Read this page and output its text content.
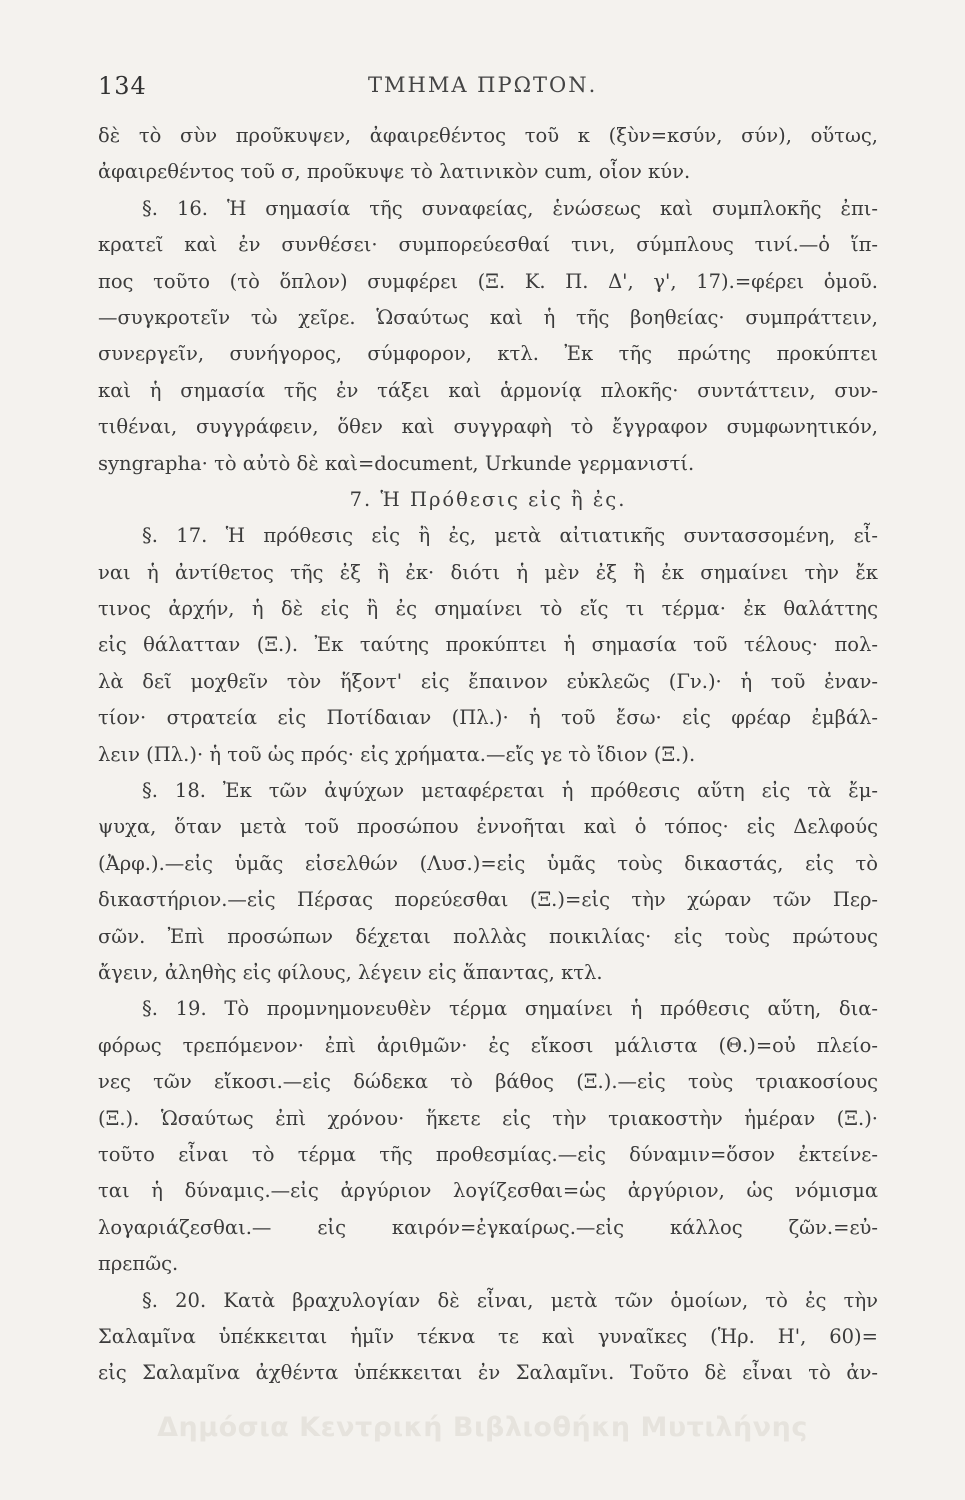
134	ΤΜΗΜΑ ΠΡΩΤΟΝ.
δὲ τὸ σὺν προῦκυψεν, ἀφαιρεθέντος τοῦ κ (ξὺν=κσύν, σύν), οὕτως,
ἀφαιρεθέντος τοῦ σ, προῦκυψε τὸ λατινικὸν cum, οἷον κύν.
§. 16. Ἡ σημασία τῆς συναφείας, ἑνώσεως καὶ συμπλοκῆς ἐπι-
κρατεῖ καὶ ἐν συνθέσει· συμπορεύεσθαί τινι, σύμπλους τινί.—ὁ ἵπ-
πος τοῦτο (τὸ ὅπλον) συμφέρει (Ξ. Κ. Π. Δ', γ', 17).=φέρει ὁμοῦ.
—συγκροτεῖν τὼ χεῖρε. Ὡσαύτως καὶ ἡ τῆς βοηθείας· συμπράττειν,
συνεργεῖν, συνήγορος, σύμφορον, κτλ. Ἐκ τῆς πρώτης προκύπτει
καὶ ἡ σημασία τῆς ἐν τάξει καὶ ἁρμονίᾳ πλοκῆς· συντάττειν, συν-
τιθέναι, συγγράφειν, ὅθεν καὶ συγγραφὴ τὸ ἔγγραφον συμφωνητικόν,
syngrapha· τὸ αὐτὸ δὲ καὶ=document, Urkunde γερμανιστί.
7. Ἡ Πρόθεσις εἰς ἢ ἐς.
§. 17. Ἡ πρόθεσις εἰς ἢ ἐς, μετὰ αἰτιατικῆς συντασσομένη, εἶ-
ναι ἡ ἀντίθετος τῆς ἐξ ἢ ἐκ· διότι ἡ μὲν ἐξ ἢ ἐκ σημαίνει τὴν ἔκ
τινος ἀρχήν, ἡ δὲ εἰς ἢ ἐς σημαίνει τὸ εἴς τι τέρμα· ἐκ θαλάττης
εἰς θάλατταν (Ξ.). Ἐκ ταύτης προκύπτει ἡ σημασία τοῦ τέλους· πολ-
λὰ δεῖ μοχθεῖν τὸν ἥξοντ' εἰς ἔπαινον εὐκλεῶς (Γν.)· ἡ τοῦ ἐναν-
τίον· στρατεία εἰς Ποτίδαιαν (Πλ.)· ἡ τοῦ ἔσω· εἰς φρέαρ ἐμβάλ-
λειν (Πλ.)· ἡ τοῦ ὡς πρός· εἰς χρήματα.—εἴς γε τὸ ἴδιον (Ξ.).
§. 18. Ἐκ τῶν ἀψύχων μεταφέρεται ἡ πρόθεσις αὕτη εἰς τὰ ἔμ-
ψυχα, ὅταν μετὰ τοῦ προσώπου ἐννοῆται καὶ ὁ τόπος· εἰς Δελφούς
(Ἀρφ.).—εἰς ὑμᾶς εἰσελθών (Λυσ.)=εἰς ὑμᾶς τοὺς δικαστάς, εἰς τὸ
δικαστήριον.—εἰς Πέρσας πορεύεσθαι (Ξ.)=εἰς τὴν χώραν τῶν Περ-
σῶν. Ἐπὶ προσώπων δέχεται πολλὰς ποικιλίας· εἰς τοὺς πρώτους
ἄγειν, ἀληθὴς εἰς φίλους, λέγειν εἰς ἅπαντας, κτλ.
§. 19. Τὸ προμνημονευθὲν τέρμα σημαίνει ἡ πρόθεσις αὕτη, δια-
φόρως τρεπόμενον· ἐπὶ ἀριθμῶν· ἐς εἴκοσι μάλιστα (Θ.)=οὐ πλείο-
νες τῶν εἴκοσι.—εἰς δώδεκα τὸ βάθος (Ξ.).—εἰς τοὺς τριακοσίους
(Ξ.). Ὡσαύτως ἐπὶ χρόνου· ἥκετε εἰς τὴν τριακοστὴν ἡμέραν (Ξ.)·
τοῦτο εἶναι τὸ τέρμα τῆς προθεσμίας.—εἰς δύναμιν=ὅσον ἐκτείνε-
ται ἡ δύναμις.—εἰς ἀργύριον λογίζεσθαι=ὡς ἀργύριον, ὡς νόμισμα
λογαριάζεσθαι.— εἰς καιρόν=ἐγκαίρως.—εἰς κάλλος ζῶν.=εὐ-
πρεπῶς.
§. 20. Κατὰ βραχυλογίαν δὲ εἶναι, μετὰ τῶν ὁμοίων, τὸ ἐς τὴν
Σαλαμῖνα ὑπέκκειται ἡμῖν τέκνα τε καὶ γυναῖκες (Ἡρ. Η', 60)=
εἰς Σαλαμῖνα ἀχθέντα ὑπέκκειται ἐν Σαλαμῖνι. Τοῦτο δὲ εἶναι τὸ ἀν-
Δημόσια Κεντρική Βιβλιοθήκη Μυτιλήνης
